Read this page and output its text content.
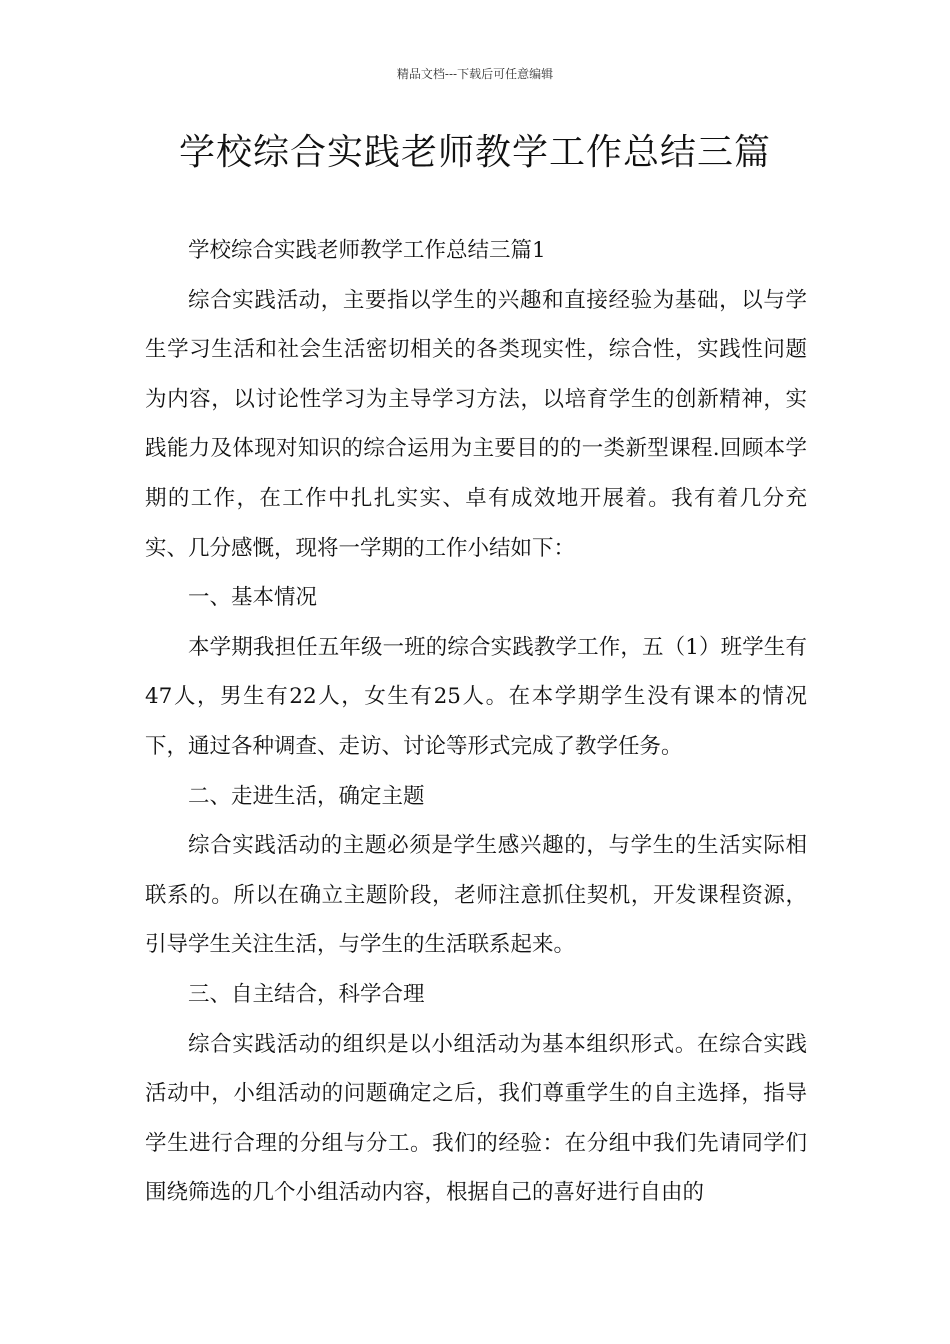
精品文档---下载后可任意编辑
学校综合实践老师教学工作总结三篇

学校综合实践老师教学工作总结三篇1

综合实践活动，主要指以学生的兴趣和直接经验为基础，以与学生学习生活和社会生活密切相关的各类现实性，综合性，实践性问题为内容，以讨论性学习为主导学习方法，以培育学生的创新精神，实践能力及体现对知识的综合运用为主要目的的一类新型课程.回顾本学期的工作，在工作中扎扎实实、卓有成效地开展着。我有着几分充实、几分感慨，现将一学期的工作小结如下：

一、基本情况

本学期我担任五年级一班的综合实践教学工作，五（1）班学生有47人，男生有22人，女生有25人。在本学期学生没有课本的情况下，通过各种调查、走访、讨论等形式完成了教学任务。

二、走进生活，确定主题

综合实践活动的主题必须是学生感兴趣的，与学生的生活实际相联系的。所以在确立主题阶段，老师注意抓住契机，开发课程资源，引导学生关注生活，与学生的生活联系起来。

三、自主结合，科学合理

综合实践活动的组织是以小组活动为基本组织形式。在综合实践活动中，小组活动的问题确定之后，我们尊重学生的自主选择，指导学生进行合理的分组与分工。我们的经验：在分组中我们先请同学们围绕筛选的几个小组活动内容，根据自己的喜好进行自由的
